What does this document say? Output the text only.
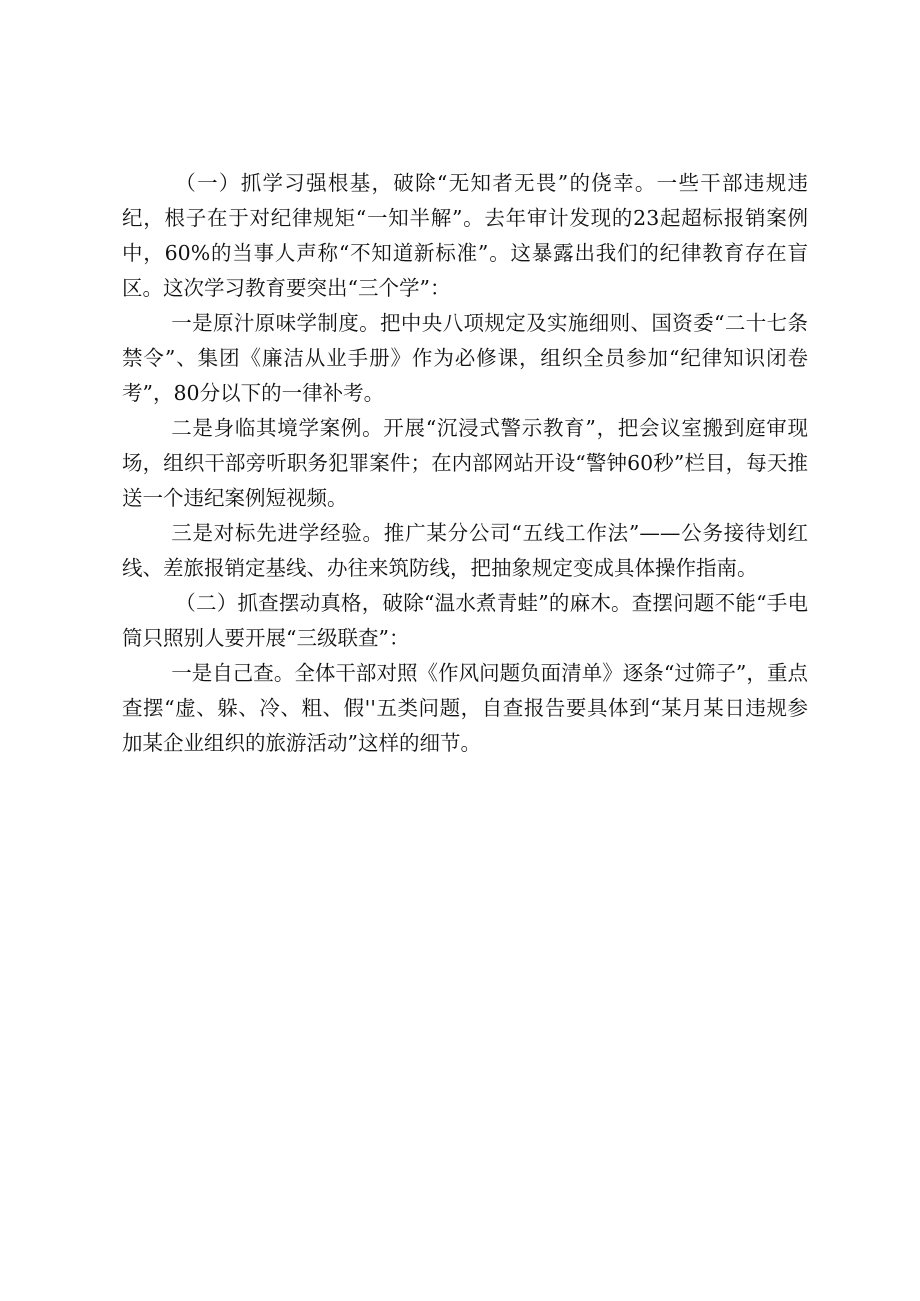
（一）抓学习强根基，破除“无知者无畏”的侥幸。一些干部违规违纪，根子在于对纪律规矩“一知半解”。去年审计发现的23起超标报销案例中，60%的当事人声称“不知道新标准”。这暴露出我们的纪律教育存在盲区。这次学习教育要突出“三个学”：

一是原汁原味学制度。把中央八项规定及实施细则、国资委“二十七条禁令”、集团《廉洁从业手册》作为必修课，组织全员参加“纪律知识闭卷考”，80分以下的一律补考。

二是身临其境学案例。开展“沉浸式警示教育”，把会议室搬到庭审现场，组织干部旁听职务犯罪案件；在内部网站开设“警钟60秒”栏目，每天推送一个违纪案例短视频。

三是对标先进学经验。推广某分公司“五线工作法”——公务接待划红线、差旅报销定基线、办往来筑防线，把抽象规定变成具体操作指南。

（二）抓查摆动真格，破除“温水煮青蛙”的麻木。查摆问题不能“手电筒只照别人要开展“三级联查”：

一是自己查。全体干部对照《作风问题负面清单》逐条“过筛子”，重点查摆“虚、躲、冷、粗、假''五类问题，自查报告要具体到“某月某日违规参加某企业组织的旅游活动”这样的细节。
